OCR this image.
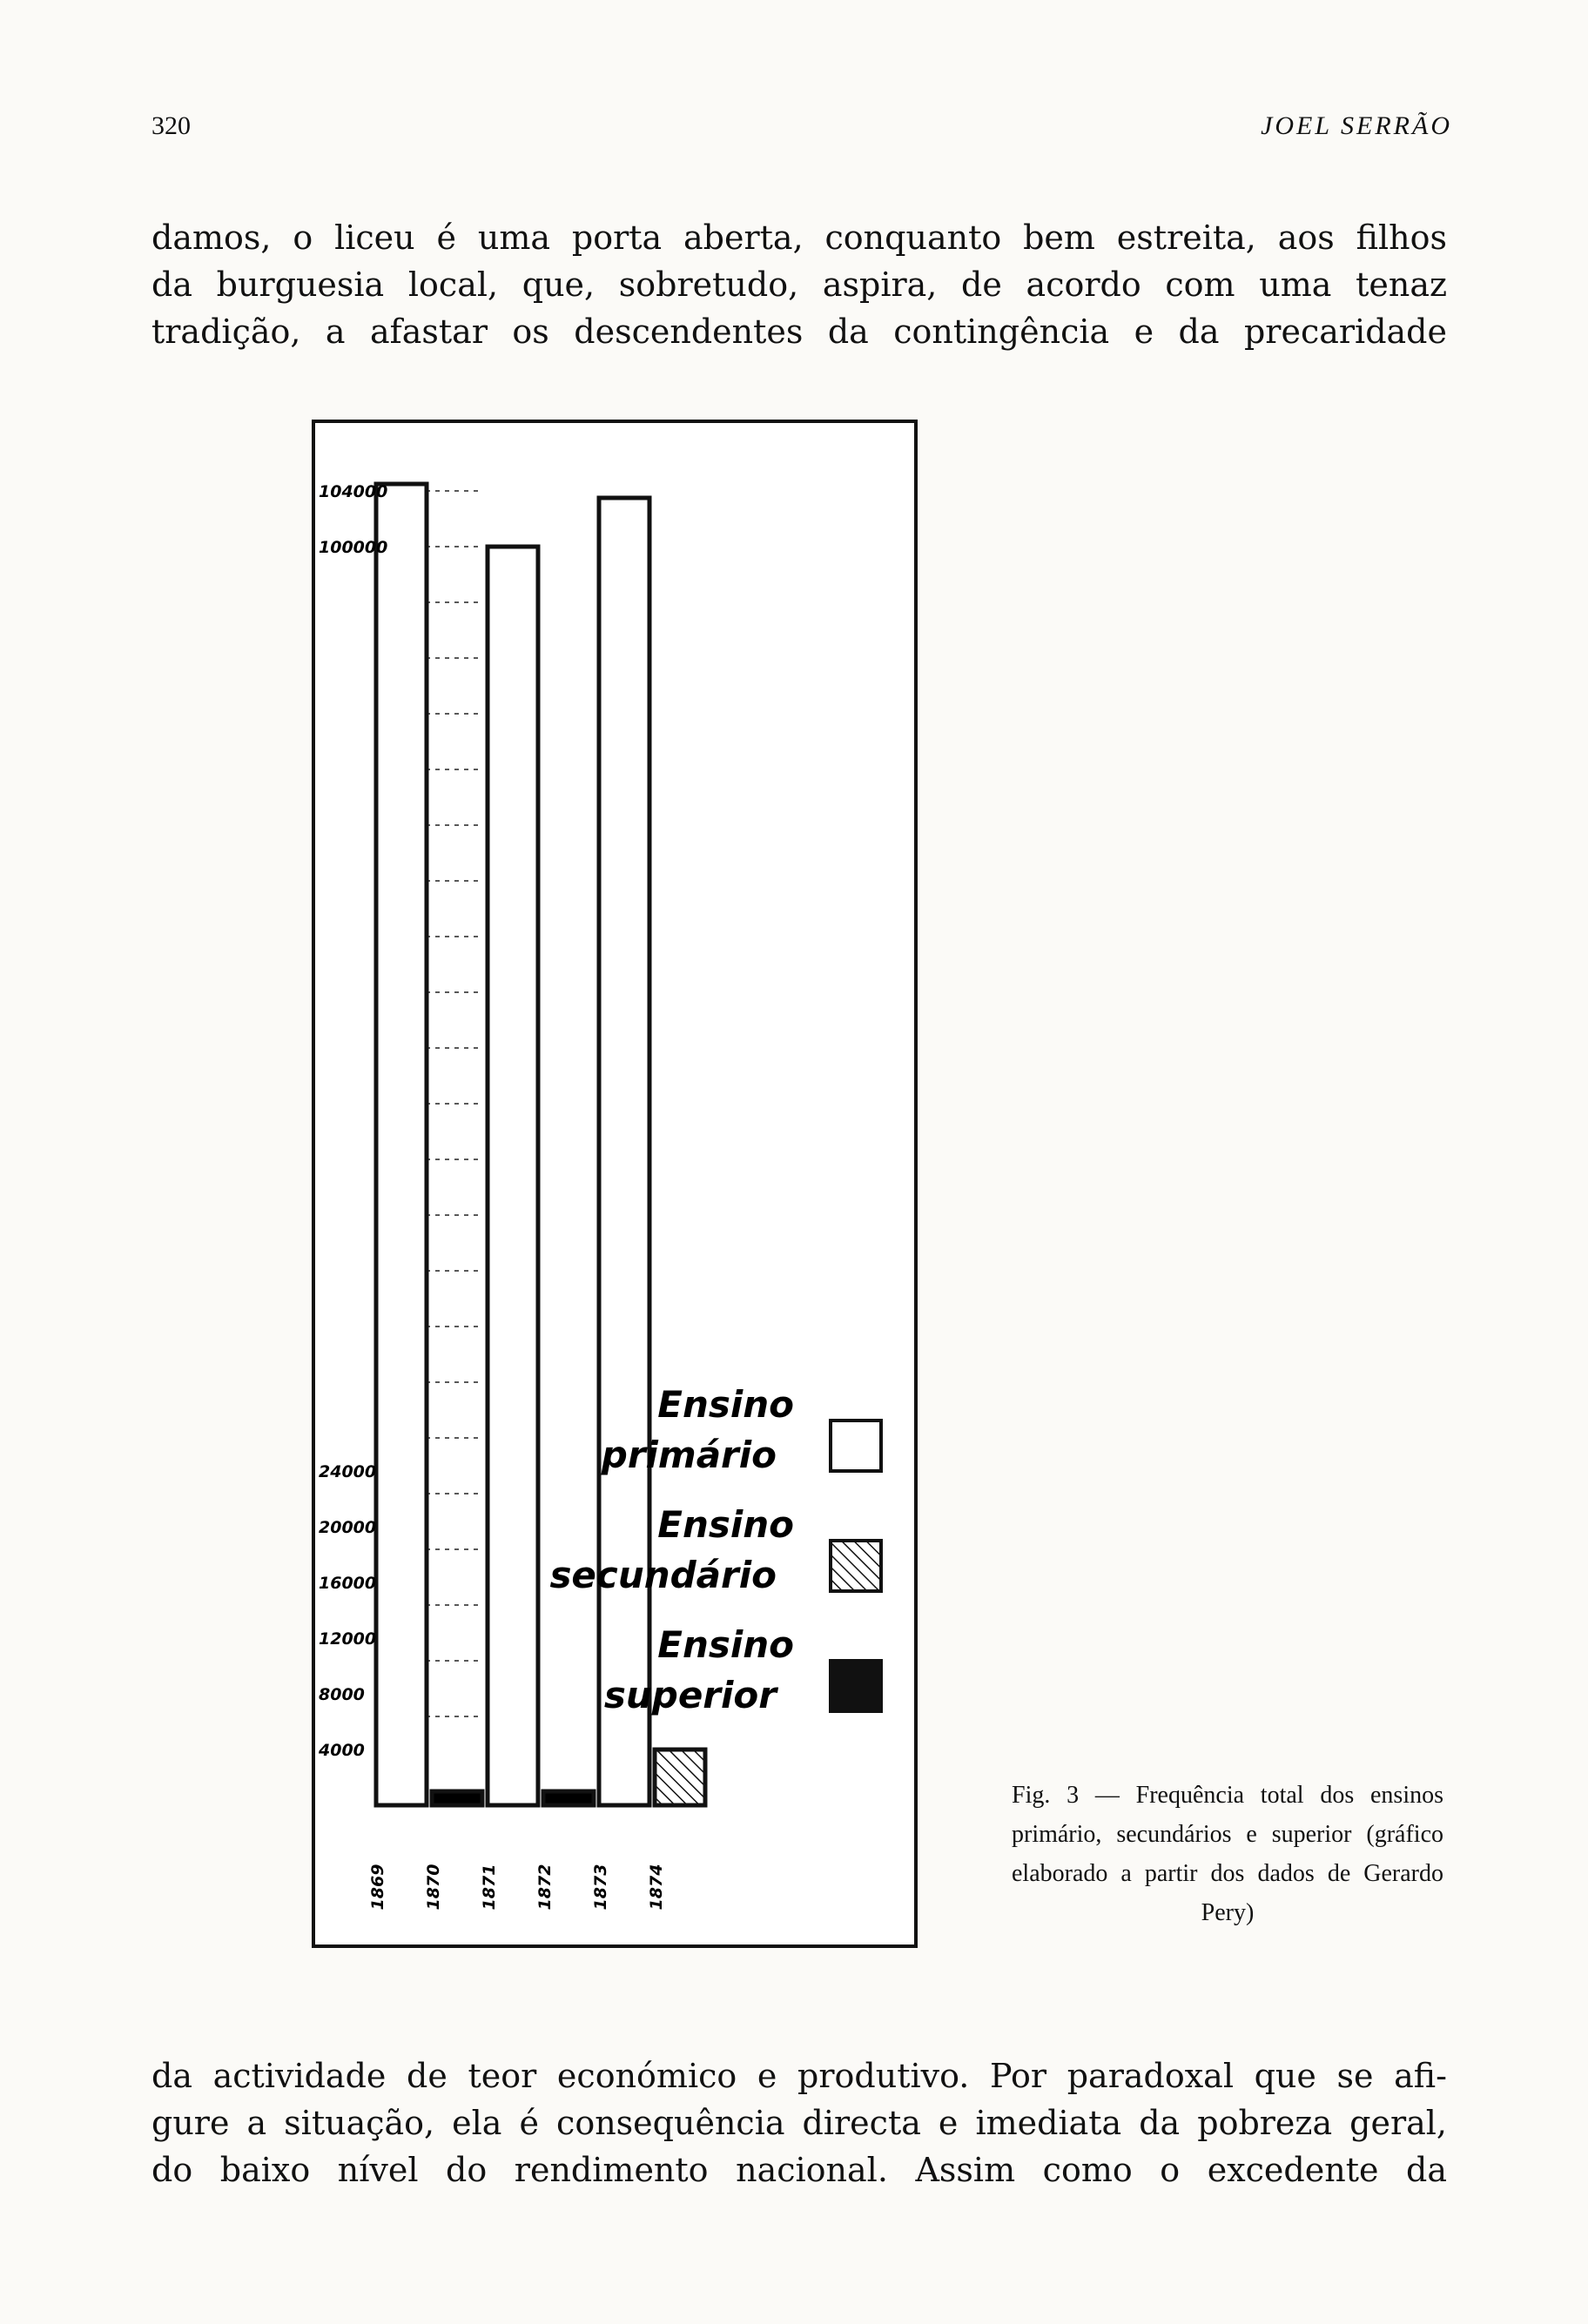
320	JOEL SERRÃO

damos, o liceu é uma porta aberta, conquanto bem estreita, aos filhos
da burguesia local, que, sobretudo, aspira, de acordo com uma tenaz
tradição, a afastar os descendentes da contingência e da precaridade

104000
100000
24000
20000
16000
12000
8000
4000
1869 1870 1871 1872 1873 1874
Ensino
primário
Ensino
secundário
Ensino
superior

Fig. 3 — Frequência total dos ensinos primário, secundários e superior (gráfico elaborado a partir dos dados de Gerardo Pery)

da actividade de teor económico e produtivo. Por paradoxal que se afi-
gure a situação, ela é consequência directa e imediata da pobreza geral,
do baixo nível do rendimento nacional. Assim como o excedente da
